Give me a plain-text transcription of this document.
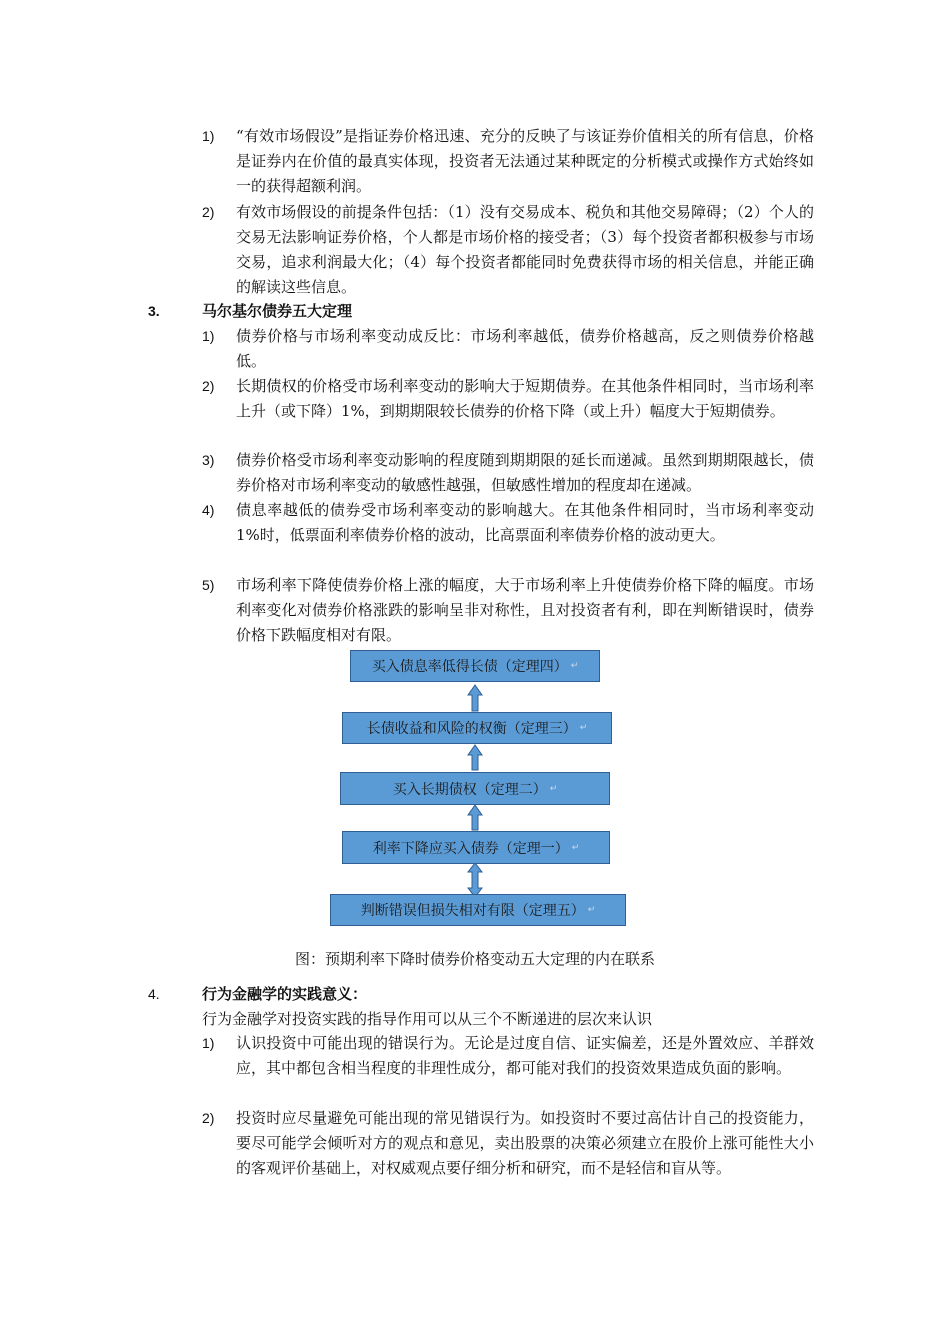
1) “有效市场假设”是指证券价格迅速、充分的反映了与该证券价值相关的所有信息，价格是证券内在价值的最真实体现，投资者无法通过某种既定的分析模式或操作方式始终如一的获得超额利润。
2) 有效市场假设的前提条件包括：（1）没有交易成本、税负和其他交易障碍；（2）个人的交易无法影响证券价格，个人都是市场价格的接受者；（3）每个投资者都积极参与市场交易，追求利润最大化；（4）每个投资者都能同时免费获得市场的相关信息，并能正确的解读这些信息。
3.	马尔基尔债券五大定理
1) 债券价格与市场利率变动成反比：市场利率越低，债券价格越高，反之则债券价格越低。
2) 长期债权的价格受市场利率变动的影响大于短期债券。在其他条件相同时，当市场利率上升（或下降）1%，到期期限较长债券的价格下降（或上升）幅度大于短期债券。
3) 债券价格受市场利率变动影响的程度随到期期限的延长而递减。虽然到期期限越长，债券价格对市场利率变动的敏感性越强，但敏感性增加的程度却在递减。
4) 债息率越低的债券受市场利率变动的影响越大。在其他条件相同时，当市场利率变动 1%时，低票面利率债券价格的波动，比高票面利率债券价格的波动更大。
5) 市场利率下降使债券价格上涨的幅度，大于市场利率上升使债券价格下降的幅度。市场利率变化对债券价格涨跌的影响呈非对称性，且对投资者有利，即在判断错误时，债券价格下跌幅度相对有限。
买入债息率低得长债（定理四） ↵
长债收益和风险的权衡（定理三） ↵
买入长期债权（定理二） ↵
利率下降应买入债券（定理一） ↵
判断错误但损失相对有限（定理五） ↵
图：预期利率下降时债券价格变动五大定理的内在联系
4.	行为金融学的实践意义：
行为金融学对投资实践的指导作用可以从三个不断递进的层次来认识
1) 认识投资中可能出现的错误行为。无论是过度自信、证实偏差，还是外置效应、羊群效应，其中都包含相当程度的非理性成分，都可能对我们的投资效果造成负面的影响。
2) 投资时应尽量避免可能出现的常见错误行为。如投资时不要过高估计自己的投资能力，要尽可能学会倾听对方的观点和意见，卖出股票的决策必须建立在股价上涨可能性大小的客观评价基础上，对权威观点要仔细分析和研究，而不是轻信和盲从等。
